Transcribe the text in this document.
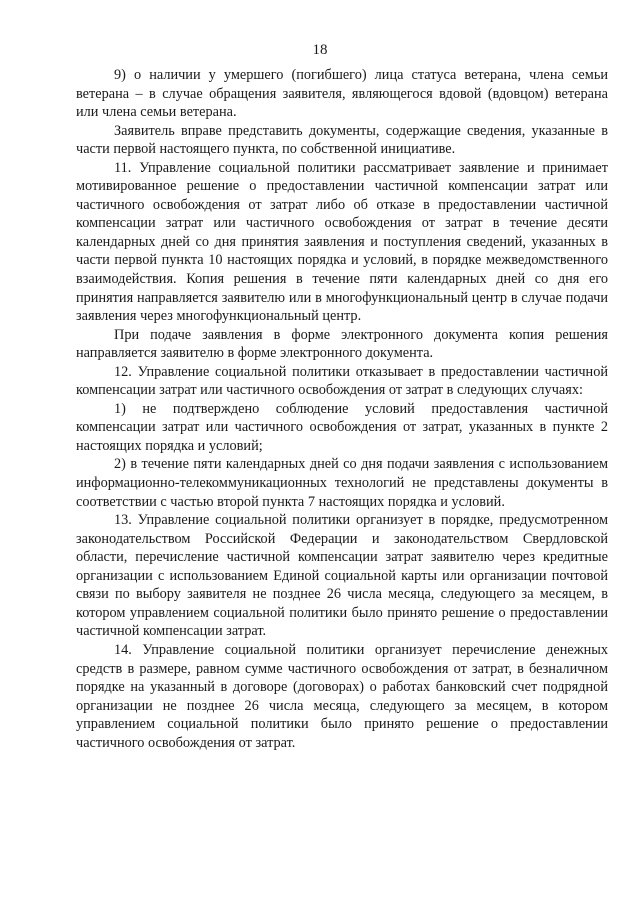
18

9) о наличии у умершего (погибшего) лица статуса ветерана, члена семьи ветерана – в случае обращения заявителя, являющегося вдовой (вдовцом) ветерана или члена семьи ветерана.

Заявитель вправе представить документы, содержащие сведения, указанные в части первой настоящего пункта, по собственной инициативе.

11. Управление социальной политики рассматривает заявление и принимает мотивированное решение о предоставлении частичной компенсации затрат или частичного освобождения от затрат либо об отказе в предоставлении частичной компенсации затрат или частичного освобождения от затрат в течение десяти календарных дней со дня принятия заявления и поступления сведений, указанных в части первой пункта 10 настоящих порядка и условий, в порядке межведомственного взаимодействия. Копия решения в течение пяти календарных дней со дня его принятия направляется заявителю или в многофункциональный центр в случае подачи заявления через многофункциональный центр.

При подаче заявления в форме электронного документа копия решения направляется заявителю в форме электронного документа.

12. Управление социальной политики отказывает в предоставлении частичной компенсации затрат или частичного освобождения от затрат в следующих случаях:

1) не подтверждено соблюдение условий предоставления частичной компенсации затрат или частичного освобождения от затрат, указанных в пункте 2 настоящих порядка и условий;

2) в течение пяти календарных дней со дня подачи заявления с использованием информационно-телекоммуникационных технологий не представлены документы в соответствии с частью второй пункта 7 настоящих порядка и условий.

13. Управление социальной политики организует в порядке, предусмотренном законодательством Российской Федерации и законодательством Свердловской области, перечисление частичной компенсации затрат заявителю через кредитные организации с использованием Единой социальной карты или организации почтовой связи по выбору заявителя не позднее 26 числа месяца, следующего за месяцем, в котором управлением социальной политики было принято решение о предоставлении частичной компенсации затрат.

14. Управление социальной политики организует перечисление денежных средств в размере, равном сумме частичного освобождения от затрат, в безналичном порядке на указанный в договоре (договорах) о работах банковский счет подрядной организации не позднее 26 числа месяца, следующего за месяцем, в котором управлением социальной политики было принято решение о предоставлении частичного освобождения от затрат.
